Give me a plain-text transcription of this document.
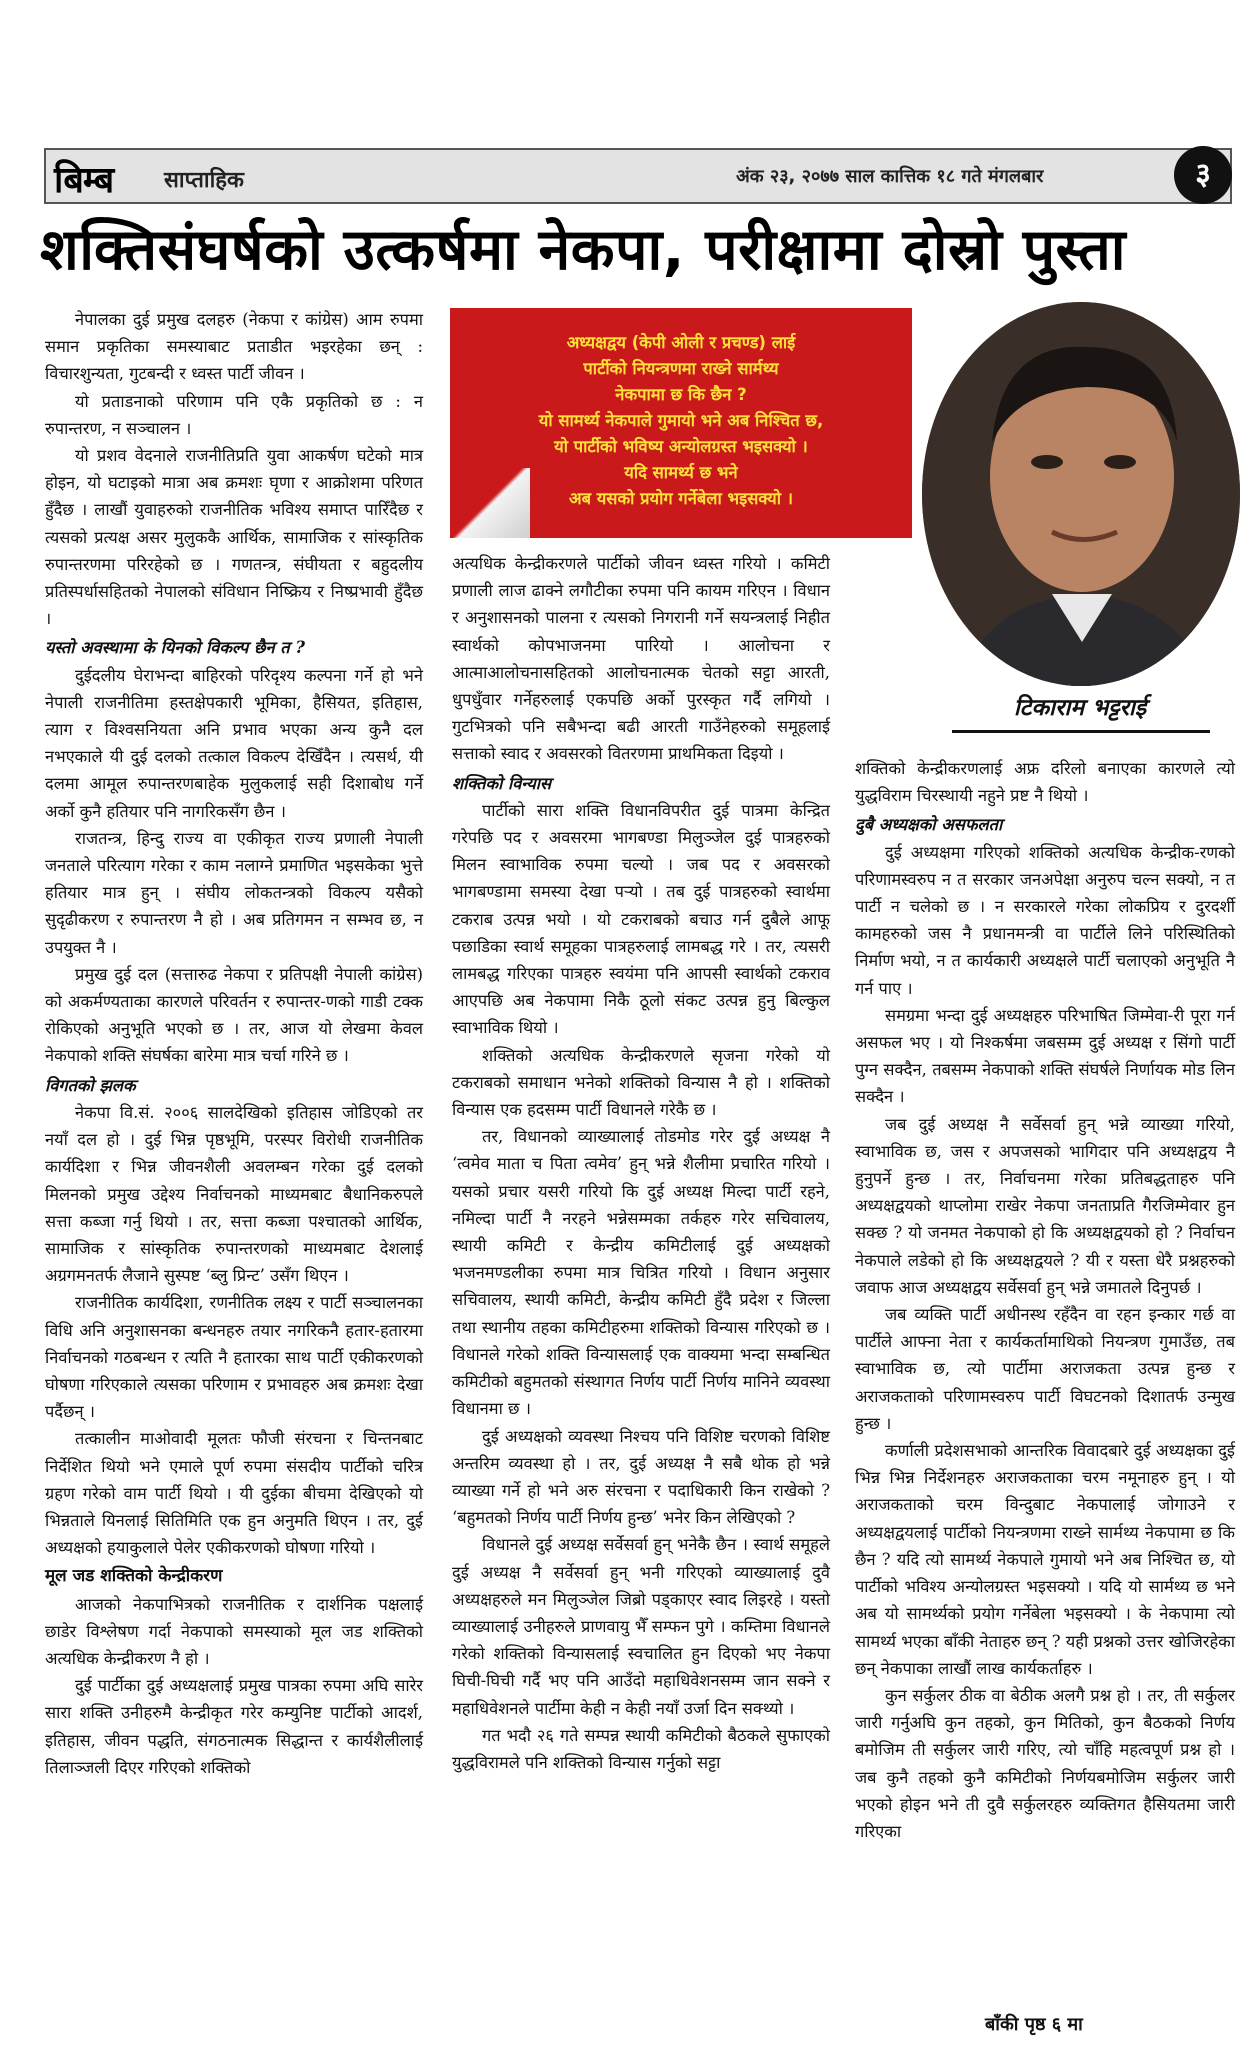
बिम्ब साप्ताहिक	अंक २३, २०७७ साल कात्तिक १८ गते मंगलबार	३
शक्तिसंघर्षको उत्कर्षमा नेकपा, परीक्षामा दोस्रो पुस्ता
अध्यक्षद्वय (केपी ओली र प्रचण्ड) लाई
पार्टीको नियन्त्रणमा राख्ने सार्मथ्य
नेकपामा छ कि छैन ?
यो सामर्थ्य नेकपाले गुमायो भने अब निश्चित छ,
यो पार्टीको भविष्य अन्योलग्रस्त भइसक्यो ।
यदि सामर्थ्य छ भने
अब यसको प्रयोग गर्नेबेला भइसक्यो ।
टिकाराम भट्टराई

नेपालका दुई प्रमुख दलहरु (नेकपा र कांग्रेस) आम रुपमा समान प्रकृतिका समस्याबाट प्रताडीत भइरहेका छन् : विचारशुन्यता, गुटबन्दी र ध्वस्त पार्टी जीवन ।

यो प्रताडनाको परिणाम पनि एकै प्रकृतिको छ : न रुपान्तरण, न सञ्चालन ।

यो प्रशव वेदनाले राजनीतिप्रति युवा आकर्षण घटेको मात्र होइन, यो घटाइको मात्रा अब क्रमशः घृणा र आक्रोशमा परिणत हुँदैछ । लाखौं युवाहरुको राजनीतिक भविश्य समाप्त पारिँदैछ र त्यसको प्रत्यक्ष असर मुलुककै आर्थिक, सामाजिक र सांस्कृतिक रुपान्तरणमा परिरहेको छ । गणतन्त्र, संघीयता र बहुदलीय प्रतिस्पर्धासहितको नेपालको संविधान निष्क्रिय र निष्प्रभावी हुँदैछ ।

यस्तो अवस्थामा के यिनको विकल्प छैन त ?

दुईदलीय घेराभन्दा बाहिरको परिदृश्य कल्पना गर्ने हो भने नेपाली राजनीतिमा हस्तक्षेपकारी भूमिका, हैसियत, इतिहास, त्याग र विश्वसनियता अनि प्रभाव भएका अन्य कुनै दल नभएकाले यी दुई दलको तत्काल विकल्प देखिँदैन । त्यसर्थ, यी दलमा आमूल रुपान्तरणबाहेक मुलुकलाई सही दिशाबोध गर्ने अर्को कुनै हतियार पनि नागरिकसँग छैन ।

राजतन्त्र, हिन्दु राज्य वा एकीकृत राज्य प्रणाली नेपाली जनताले परित्याग गरेका र काम नलाग्ने प्रमाणित भइसकेका भुत्ते हतियार मात्र हुन् । संघीय लोकतन्त्रको विकल्प यसैको सुदृढीकरण र रुपान्तरण नै हो । अब प्रतिगमन न सम्भव छ, न उपयुक्त नै ।

प्रमुख दुई दल (सत्तारुढ नेकपा र प्रतिपक्षी नेपाली कांग्रेस) को अकर्मण्यताका कारणले परिवर्तन र रुपान्तर-णको गाडी टक्क रोकिएको अनुभूति भएको छ । तर, आज यो लेखमा केवल नेकपाको शक्ति संघर्षका बारेमा मात्र चर्चा गरिने छ ।

विगतको झलक

नेकपा वि.सं. २००६ सालदेखिको इतिहास जोडिएको तर नयाँ दल हो । दुई भिन्न पृष्ठभूमि, परस्पर विरोधी राजनीतिक कार्यदिशा र भिन्न जीवनशैली अवलम्बन गरेका दुई दलको मिलनको प्रमुख उद्देश्य निर्वाचनको माध्यमबाट बैधानिकरुपले सत्ता कब्जा गर्नु थियो । तर, सत्ता कब्जा पश्चातको आर्थिक, सामाजिक र सांस्कृतिक रुपान्तरणको माध्यमबाट देशलाई अग्रगमनतर्फ लैजाने सुस्पष्ट ‘ब्लु प्रिन्ट’ उसँग थिएन ।

राजनीतिक कार्यदिशा, रणनीतिक लक्ष्य र पार्टी सञ्चालनका विधि अनि अनुशासनका बन्धनहरु तयार नगरिकनै हतार-हतारमा निर्वाचनको गठबन्धन र त्यति नै हतारका साथ पार्टी एकीकरणको घोषणा गरिएकाले त्यसका परिणाम र प्रभावहरु अब क्रमशः देखा पर्दैछन् ।

तत्कालीन माओवादी मूलतः फौजी संरचना र चिन्तनबाट निर्देशित थियो भने एमाले पूर्ण रुपमा संसदीय पार्टीको चरित्र ग्रहण गरेको वाम पार्टी थियो । यी दुईका बीचमा देखिएको यो भिन्नताले यिनलाई सितिमिति एक हुन अनुमति थिएन । तर, दुई अध्यक्षको हयाकुलाले पेलेर एकीकरणको घोषणा गरियो ।

मूल जड शक्तिको केन्द्रीकरण

आजको नेकपाभित्रको राजनीतिक र दार्शनिक पक्षलाई छाडेर विश्लेषण गर्दा नेकपाको समस्याको मूल जड शक्तिको अत्यधिक केन्द्रीकरण नै हो ।

दुई पार्टीका दुई अध्यक्षलाई प्रमुख पात्रका रुपमा अघि सारेर सारा शक्ति उनीहरुमै केन्द्रीकृत गरेर कम्युनिष्ट पार्टीको आदर्श, इतिहास, जीवन पद्धति, संगठनात्मक सिद्धान्त र कार्यशैलीलाई तिलाञ्जली दिएर गरिएको शक्तिको

अत्यधिक केन्द्रीकरणले पार्टीको जीवन ध्वस्त गरियो । कमिटी प्रणाली लाज ढाक्ने लगौटीका रुपमा पनि कायम गरिएन । विधान र अनुशासनको पालना र त्यसको निगरानी गर्ने सयन्त्रलाई निहीत स्वार्थको कोपभाजनमा पारियो । आलोचना र आत्माआलोचनासहितको आलोचनात्मक चेतको सट्टा आरती, धुपधुँवार गर्नेहरुलाई एकपछि अर्को पुरस्कृत गर्दै लगियो । गुटभित्रको पनि सबैभन्दा बढी आरती गाउँनेहरुको समूहलाई सत्ताको स्वाद र अवसरको वितरणमा प्राथमिकता दिइयो ।

शक्तिको विन्यास

पार्टीको सारा शक्ति विधानविपरीत दुई पात्रमा केन्द्रित गरेपछि पद र अवसरमा भागबण्डा मिलुञ्जेल दुई पात्रहरुको मिलन स्वाभाविक रुपमा चल्यो । जब पद र अवसरको भागबण्डामा समस्या देखा पर्‍यो । तब दुई पात्रहरुको स्वार्थमा टकराब उत्पन्न भयो । यो टकराबको बचाउ गर्न दुबैले आफू पछाडिका स्वार्थ समूहका पात्रहरुलाई लामबद्ध गरे । तर, त्यसरी लामबद्ध गरिएका पात्रहरु स्वयंमा पनि आपसी स्वार्थको टकराव आएपछि अब नेकपामा निकै ठूलो संकट उत्पन्न हुनु बिल्कुल स्वाभाविक थियो ।

शक्तिको अत्यधिक केन्द्रीकरणले सृजना गरेको यो टकराबको समाधान भनेको शक्तिको विन्यास नै हो । शक्तिको विन्यास एक हदसम्म पार्टी विधानले गरेकै छ ।

तर, विधानको व्याख्यालाई तोडमोड गरेर दुई अध्यक्ष नै ‘त्वमेव माता च पिता त्वमेव’ हुन् भन्ने शैलीमा प्रचारित गरियो । यसको प्रचार यसरी गरियो कि दुई अध्यक्ष मिल्दा पार्टी रहने, नमिल्दा पार्टी नै नरहने भन्नेसम्मका तर्कहरु गरेर सचिवालय, स्थायी कमिटी र केन्द्रीय कमिटीलाई दुई अध्यक्षको भजनमण्डलीका रुपमा मात्र चित्रित गरियो । विधान अनुसार सचिवालय, स्थायी कमिटी, केन्द्रीय कमिटी हुँदै प्रदेश र जिल्ला तथा स्थानीय तहका कमिटीहरुमा शक्तिको विन्यास गरिएको छ । विधानले गरेको शक्ति विन्यासलाई एक वाक्यमा भन्दा सम्बन्धित कमिटीको बहुमतको संस्थागत निर्णय पार्टी निर्णय मानिने व्यवस्था विधानमा छ ।

दुई अध्यक्षको व्यवस्था निश्चय पनि विशिष्ट चरणको विशिष्ट अन्तरिम व्यवस्था हो । तर, दुई अध्यक्ष नै सबै थोक हो भन्ने व्याख्या गर्ने हो भने अरु संरचना र पदाधिकारी किन राखेको ? ‘बहुमतको निर्णय पार्टी निर्णय हुन्छ’ भनेर किन लेखिएको ?

विधानले दुई अध्यक्ष सर्वेसर्वा हुन् भनेकै छैन । स्वार्थ समूहले दुई अध्यक्ष नै सर्वेसर्वा हुन् भनी गरिएको व्याख्यालाई दुवै अध्यक्षहरुले मन मिलुञ्जेल जिब्रो पड्काएर स्वाद लिइरहे । यस्तो व्याख्यालाई उनीहरुले प्राणवायु भैँ सम्फन पुगे । कम्तिमा विधानले गरेको शक्तिको विन्यासलाई स्वचालित हुन दिएको भए नेकपा घिची-घिची गर्दै भए पनि आउँदो महाधिवेशनसम्म जान सक्ने र महाधिवेशनले पार्टीमा केही न केही नयाँ उर्जा दिन सक्थ्यो ।

गत भदौ २६ गते सम्पन्न स्थायी कमिटीको बैठकले सुफाएको युद्धविरामले पनि शक्तिको विन्यास गर्नुको सट्टा

शक्तिको केन्द्रीकरणलाई अफ्र दरिलो बनाएका कारणले त्यो युद्धविराम चिरस्थायी नहुने प्रष्ट नै थियो ।

दुबै अध्यक्षको असफलता

दुई अध्यक्षमा गरिएको शक्तिको अत्यधिक केन्द्रीक-रणको परिणामस्वरुप न त सरकार जनअपेक्षा अनुरुप चल्न सक्यो, न त पार्टी न चलेको छ । न सरकारले गरेका लोकप्रिय र दुरदर्शी कामहरुको जस नै प्रधानमन्त्री वा पार्टीले लिने परिस्थितिको निर्माण भयो, न त कार्यकारी अध्यक्षले पार्टी चलाएको अनुभूति नै गर्न पाए ।

समग्रमा भन्दा दुई अध्यक्षहरु परिभाषित जिम्मेवा-री पूरा गर्न असफल भए । यो निश्कर्षमा जबसम्म दुई अध्यक्ष र सिंगो पार्टी पुग्न सक्दैन, तबसम्म नेकपाको शक्ति संघर्षले निर्णायक मोड लिन सक्दैन ।

जब दुई अध्यक्ष नै सर्वेसर्वा हुन् भन्ने व्याख्या गरियो, स्वाभाविक छ, जस र अपजसको भागिदार पनि अध्यक्षद्वय नै हुनुपर्ने हुन्छ । तर, निर्वाचनमा गरेका प्रतिबद्धताहरु पनि अध्यक्षद्वयको थाप्लोमा राखेर नेकपा जनताप्रति गैरजिम्मेवार हुन सक्छ ? यो जनमत नेकपाको हो कि अध्यक्षद्वयको हो ? निर्वाचन नेकपाले लडेको हो कि अध्यक्षद्वयले ? यी र यस्ता धेरै प्रश्नहरुको जवाफ आज अध्यक्षद्वय सर्वेसर्वा हुन् भन्ने जमातले दिनुपर्छ ।

जब व्यक्ति पार्टी अधीनस्थ रहँदैन वा रहन इन्कार गर्छ वा पार्टीले आफ्ना नेता र कार्यकर्तामाथिको नियन्त्रण गुमाउँछ, तब स्वाभाविक छ, त्यो पार्टीमा अराजकता उत्पन्न हुन्छ र अराजकताको परिणामस्वरुप पार्टी विघटनको दिशातर्फ उन्मुख हुन्छ ।

कर्णाली प्रदेशसभाको आन्तरिक विवादबारे दुई अध्यक्षका दुई भिन्न भिन्न निर्देशनहरु अराजकताका चरम नमूनाहरु हुन् । यो अराजकताको चरम विन्दुबाट नेकपालाई जोगाउने र अध्यक्षद्वयलाई पार्टीको नियन्त्रणमा राख्ने सार्मथ्य नेकपामा छ कि छैन ? यदि त्यो सामर्थ्य नेकपाले गुमायो भने अब निश्चित छ, यो पार्टीको भविश्य अन्योलग्रस्त भइसक्यो । यदि यो सार्मथ्य छ भने अब यो सामर्थ्यको प्रयोग गर्नेबेला भइसक्यो । के नेकपामा त्यो सामर्थ्य भएका बाँकी नेताहरु छन् ? यही प्रश्नको उत्तर खोजिरहेका छन् नेकपाका लाखौं लाख कार्यकर्ताहरु ।

कुन सर्कुलर ठीक वा बेठीक अलगै प्रश्न हो । तर, ती सर्कुलर जारी गर्नुअघि कुन तहको, कुन मितिको, कुन बैठकको निर्णय बमोजिम ती सर्कुलर जारी गरिए, त्यो चाँहि महत्वपूर्ण प्रश्न हो । जब कुनै तहको कुनै कमिटीको निर्णयबमोजिम सर्कुलर जारी भएको होइन भने ती दुवै सर्कुलरहरु व्यक्तिगत हैसियतमा जारी गरिएका

बाँकी पृष्ठ ६ मा
